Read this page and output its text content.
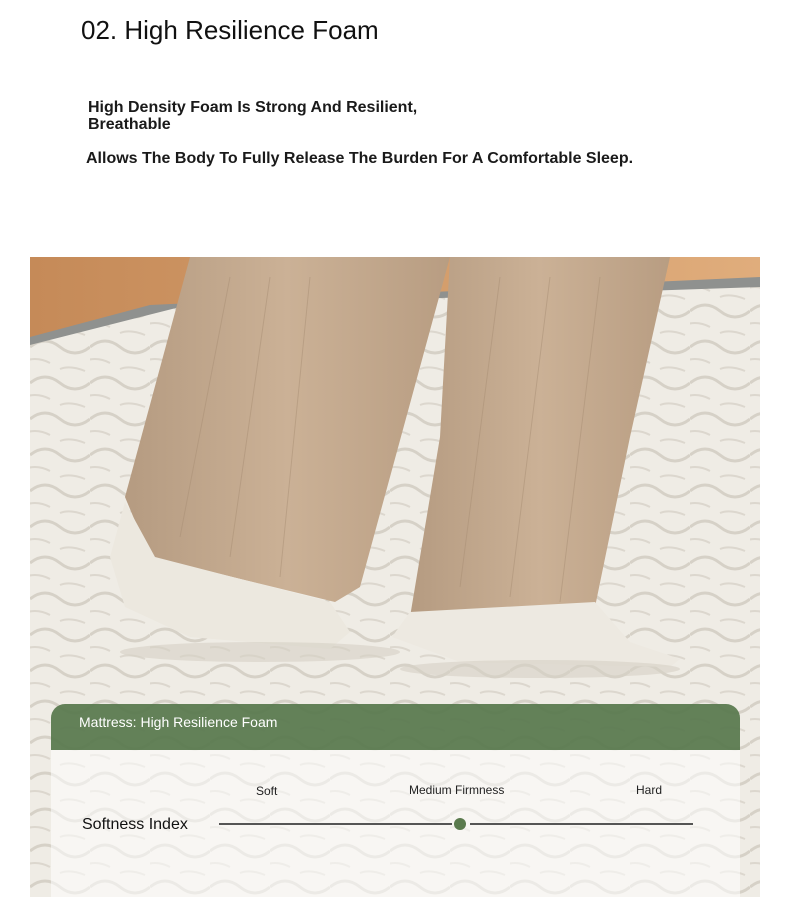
02. High Resilience Foam

High Density Foam Is Strong And Resilient, Breathable

Allows The Body To Fully Release The Burden For A Comfortable Sleep.

Mattress: High Resilience Foam

Soft	Medium Firmness	Hard
Softness Index
